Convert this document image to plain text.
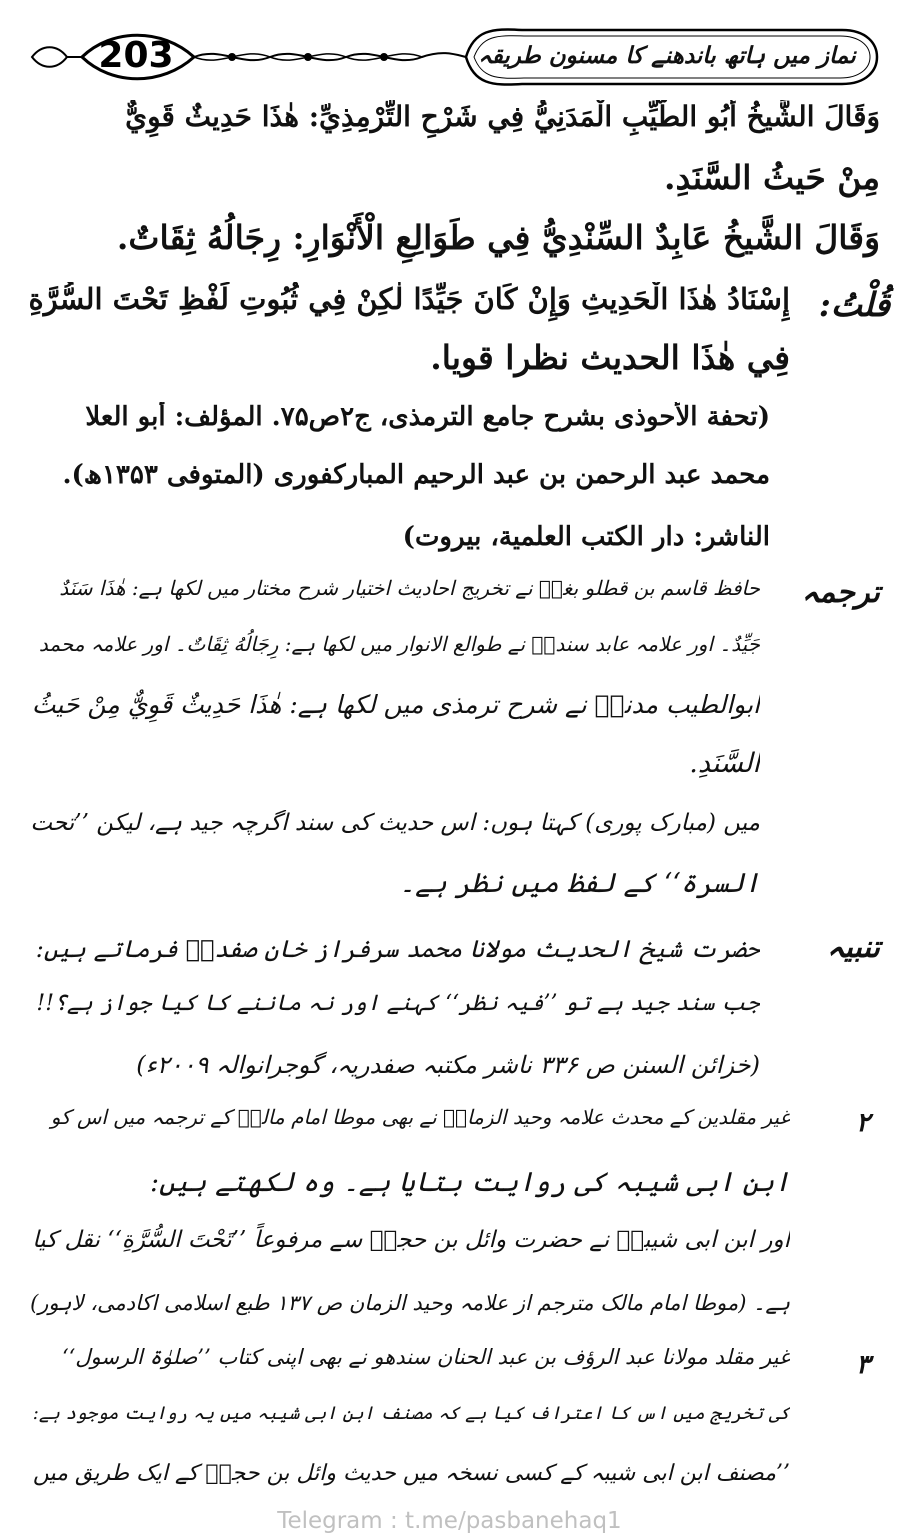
203	نماز میں ہاتھ باندھنے کا مسنون طریقہ
وَقَالَ الشَّيخُ أَبُو الطَّيِّبِ الْمَدَنِيُّ فِي شَرْحِ التِّرْمِذِيِّ: هٰذَا حَدِيثٌ قَوِيٌّ
مِنْ حَيثُ السَّنَدِ.
وَقَالَ الشَّيخُ عَابِدٌ السِّنْدِيُّ فِي طَوَالِعِ الْأَنْوَارِ: رِجَالُهُ ثِقَاتٌ.
قُلْتُ:
إِسْنَادُ هٰذَا الْحَدِيثِ وَإِنْ كَانَ جَيِّدًا لٰكِنْ فِي ثُبُوتِ لَفْظِ تَحْتَ السُّرَّةِ
فِي هٰذَا الحديث نظرا قويا.
(تحفة الأحوذی بشرح جامع الترمذی، ج۲ص۷۵. المؤلف: أبو العلا
محمد عبد الرحمن بن عبد الرحیم المبارکفوری (المتوفی ۱۳۵۳ھ).
الناشر: دار الکتب العلمیة، بیروت)
ترجمہ
حافظ قاسم بن قطلو بغاؒ نے تخریج احادیث اختیار شرح مختار میں لکھا ہے: هٰذَا سَنَدٌ
جَيِّدٌ۔ اور علامہ عابد سندیؒ نے طوالع الانوار میں لکھا ہے: رِجَالُهُ ثِقَاتٌ۔ اور علامہ محمد
ابوالطیب مدنیؒ نے شرح ترمذی میں لکھا ہے: هٰذَا حَدِيثٌ قَوِيٌّ مِنْ حَيثُ
السَّنَدِ.
میں (مبارک پوری) کہتا ہوں: اس حدیث کی سند اگرچہ جید ہے، لیکن ’’تحت
السرۃ‘‘ کے لفظ میں نظر ہے۔
تنبیہ
حضرت شیخ الحدیث مولانا محمد سرفراز خان صفدرؒ فرماتے ہیں:
جب سند جید ہے تو ’’فیہ نظر‘‘ کہنے اور نہ ماننے کا کیا جواز ہے؟!!
(خزائن السنن ص ۳۳۶ ناشر مکتبہ صفدریہ، گوجرانوالہ ۲۰۰۹ء)
۲
غیر مقلدین کے محدث علامہ وحید الزمانؒ نے بھی موطا امام مالکؒ کے ترجمہ میں اس کو
ابن ابی شیبہ کی روایت بتایا ہے۔ وہ لکھتے ہیں:
اور ابن ابی شیبہؒ نے حضرت وائل بن حجرؓ سے مرفوعاً ’’تَحْتَ السُّرَّةِ‘‘ نقل کیا
ہے۔ (موطا امام مالک مترجم از علامہ وحید الزمان ص ۱۳۷ طبع اسلامی اکادمی، لاہور)
۳
غیر مقلد مولانا عبد الرؤف بن عبد الحنان سندھو نے بھی اپنی کتاب ’’صلوٰۃ الرسول‘‘
کی تخریج میں اس کا اعتراف کیا ہے کہ مصنف ابن ابی شیبہ میں یہ روایت موجود ہے:
’’مصنف ابن ابی شیبہ کے کسی نسخہ میں حدیث وائل بن حجرؓ کے ایک طریق میں
Telegram : t.me/pasbanehaq1
